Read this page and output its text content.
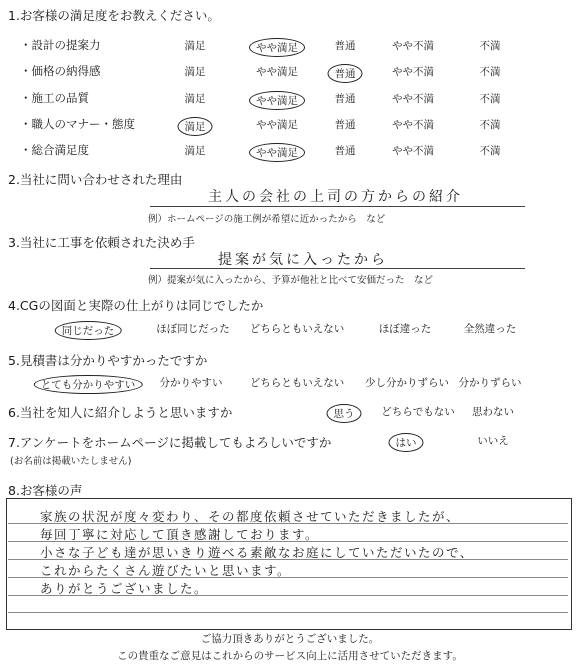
1.お客様の満足度をお教えください。
・設計の提案力	満足	やや満足	普通	やや不満	不満
・価格の納得感	満足	やや満足	普通	やや不満	不満
・施工の品質	満足	やや満足	普通	やや不満	不満
・職人のマナー・態度	満足	やや満足	普通	やや不満	不満
・総合満足度	満足	やや満足	普通	やや不満	不満
2.当社に問い合わせされた理由
主人の会社の上司の方からの紹介
例）ホームページの施工例が希望に近かったから　など
3.当社に工事を依頼された決め手
提案が気に入ったから
例）提案が気に入ったから、予算が他社と比べて安価だった　など
4.CGの図面と実際の仕上がりは同じでしたか
同じだった	ほぼ同じだった どちらともいえない	ほぼ違った	全然違った
5.見積書は分かりやすかったですか
とても分かりやすい	分かりやすい	どちらともいえない 少し分かりずらい 分かりずらい
6.当社を知人に紹介しようと思いますか	思う	どちらでもない 思わない
7.アンケートをホームページに掲載してもよろしいですか
(お名前は掲載いたしません)
はい	いいえ
8.お客様の声
家族の状況が度々変わり、その都度依頼させていただきましたが、
毎回丁寧に対応して頂き感謝しております。
小さな子ども達が思いきり遊べる素敵なお庭にしていただいたので、
これからたくさん遊びたいと思います。
ありがとうございました。
ご協力頂きありがとうございました。
この貴重なご意見はこれからのサービス向上に活用させていただきます。
